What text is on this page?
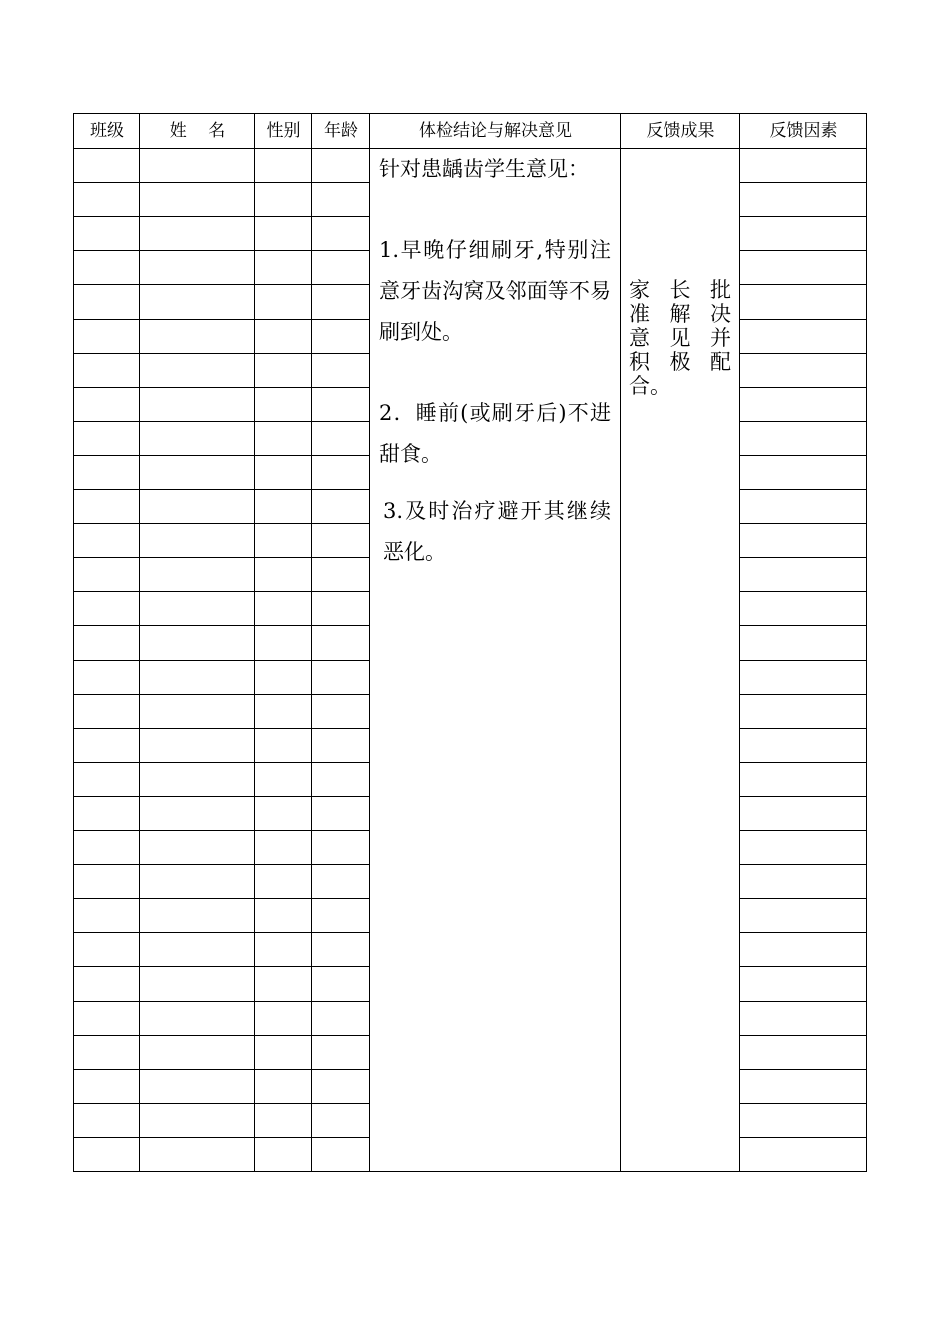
班级	姓    名	性别	年龄	体检结论与解决意见	反馈成果	反馈因素

针对患龋齿学生意见：

1.早晚仔细刷牙,特别注意牙齿沟窝及邻面等不易刷到处。

2．睡前(或刷牙后)不进甜食。

3.及时治疗避开其继续恶化。

家长批

准解决

意见并

积极配

合。
